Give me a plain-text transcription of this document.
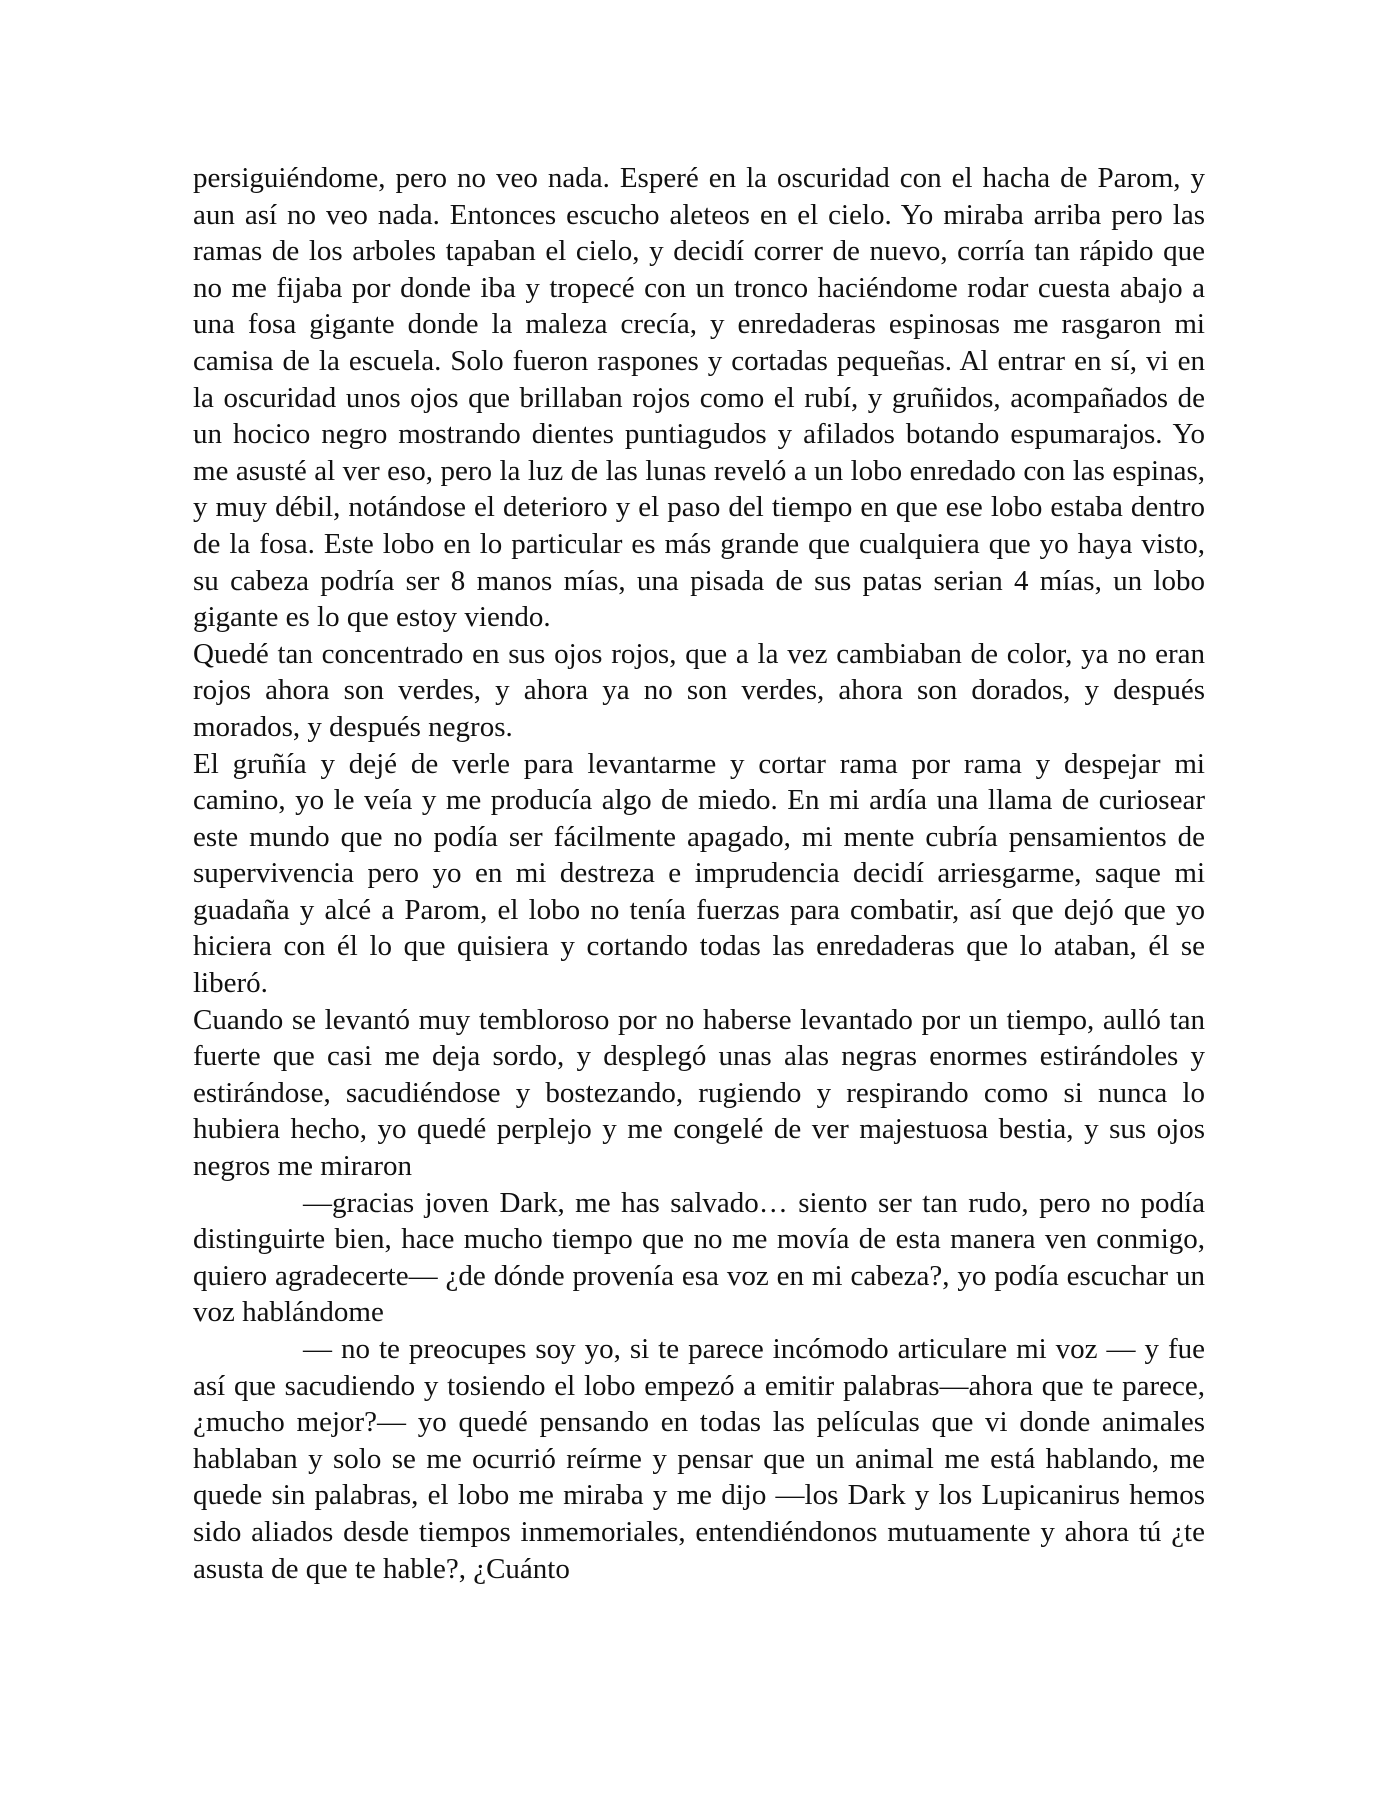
persiguiéndome, pero no veo nada. Esperé en la oscuridad con el hacha de Parom, y aun así no veo nada. Entonces escucho aleteos en el cielo. Yo miraba arriba pero las ramas de los arboles tapaban el cielo, y decidí correr de nuevo, corría tan rápido que no me fijaba por donde iba y tropecé con un tronco haciéndome rodar cuesta abajo a una fosa gigante donde la maleza crecía, y enredaderas espinosas me rasgaron mi camisa de la escuela. Solo fueron raspones y cortadas pequeñas. Al entrar en sí, vi en la oscuridad unos ojos que brillaban rojos como el rubí, y gruñidos, acompañados de un hocico negro mostrando dientes puntiagudos y afilados botando espumarajos. Yo me asusté al ver eso, pero la luz de las lunas reveló a un lobo enredado con las espinas, y muy débil, notándose el deterioro y el paso del tiempo en que ese lobo estaba dentro de la fosa. Este lobo en lo particular es más grande que cualquiera que yo haya visto, su cabeza podría ser 8 manos mías, una pisada de sus patas serian 4 mías, un lobo gigante es lo que estoy viendo.

Quedé tan concentrado en sus ojos rojos, que a la vez cambiaban de color, ya no eran rojos ahora son verdes, y ahora ya no son verdes, ahora son dorados, y después morados, y después negros.

El gruñía y dejé de verle para levantarme y cortar rama por rama y despejar mi camino, yo le veía y me producía algo de miedo. En mi ardía una llama de curiosear este mundo que no podía ser fácilmente apagado, mi mente cubría pensamientos de supervivencia pero yo en mi destreza e imprudencia decidí arriesgarme, saque mi guadaña y alcé a Parom, el lobo no tenía fuerzas para combatir, así que dejó que yo hiciera con él lo que quisiera y cortando todas las enredaderas que lo ataban, él se liberó.

Cuando se levantó muy tembloroso por no haberse levantado por un tiempo, aulló tan fuerte que casi me deja sordo, y desplegó unas alas negras enormes estirándoles y estirándose, sacudiéndose y bostezando, rugiendo y respirando como si nunca lo hubiera hecho, yo quedé perplejo y me congelé de ver majestuosa bestia, y sus ojos negros me miraron

—gracias joven Dark, me has salvado… siento ser tan rudo, pero no podía distinguirte bien, hace mucho tiempo que no me movía de esta manera ven conmigo, quiero agradecerte— ¿de dónde provenía esa voz en mi cabeza?, yo podía escuchar un voz hablándome

— no te preocupes soy yo, si te parece incómodo articulare mi voz — y fue así que sacudiendo y tosiendo el lobo empezó a emitir palabras—ahora que te parece, ¿mucho mejor?— yo quedé pensando en todas las películas que vi donde animales hablaban y solo se me ocurrió reírme y pensar que un animal me está hablando, me quede sin palabras, el lobo me miraba y me dijo —los Dark y los Lupicanirus hemos sido aliados desde tiempos inmemoriales, entendiéndonos mutuamente y ahora tú ¿te asusta de que te hable?, ¿Cuánto
